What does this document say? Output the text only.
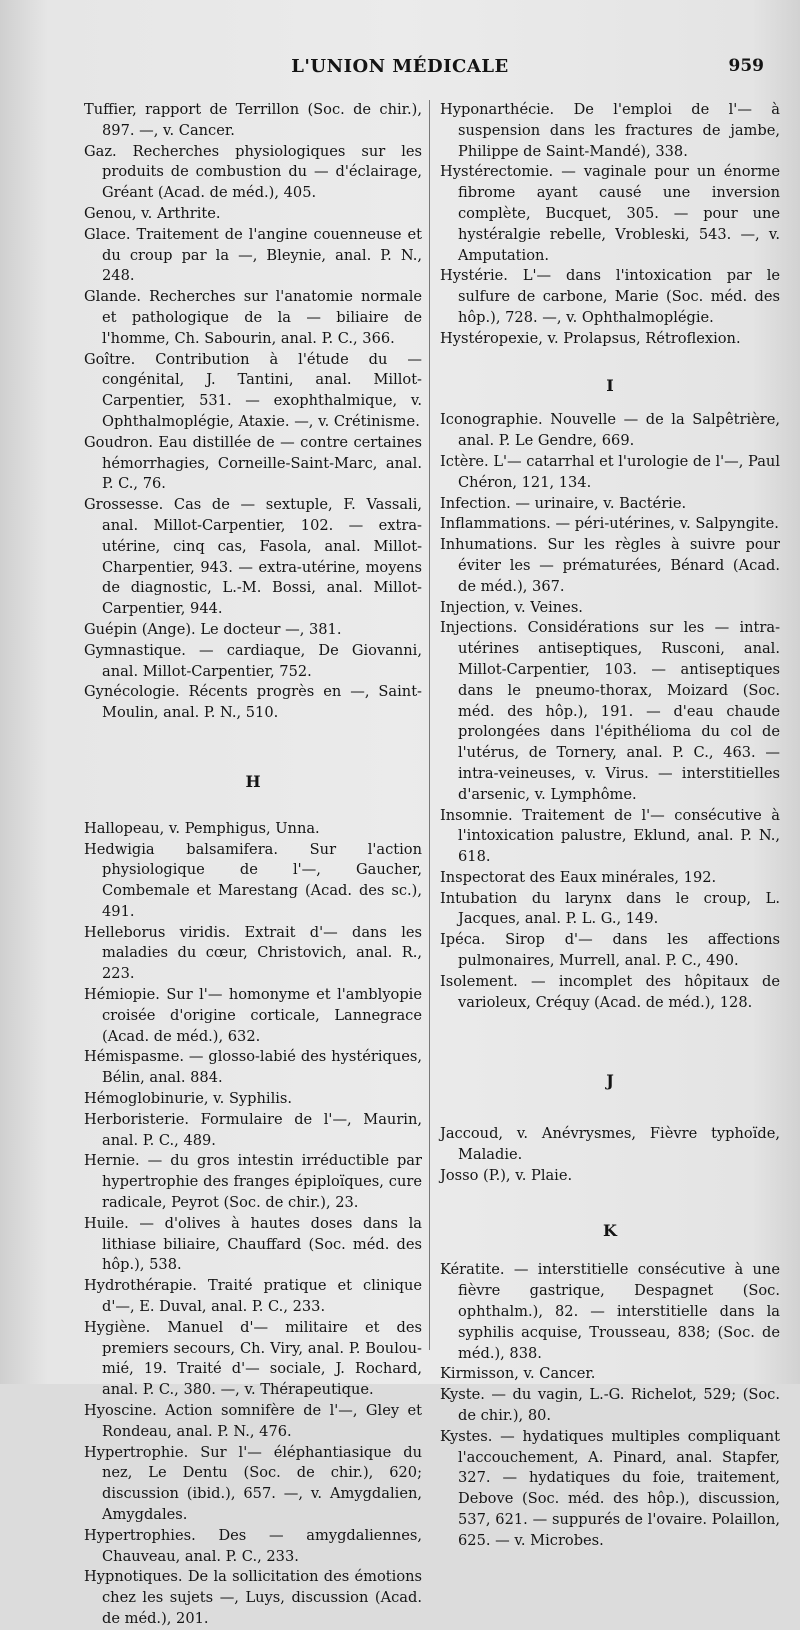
L'UNION MÉDICALE	959

Tuffier, rapport de Terrillon (Soc. de chir.), 897. —, v. Cancer.

Gaz. Recherches physiologiques sur les produits de combustion du — d'éclairage, Gréant (Acad. de méd.), 405.

Genou, v. Arthrite.

Glace. Traitement de l'angine couenneuse et du croup par la —, Bleynie, anal. P. N., 248.

Glande. Recherches sur l'anatomie normale et pathologique de la — biliaire de l'homme, Ch. Sabourin, anal. P. C., 366.

Goître. Contribution à l'étude du — congénital, J. Tantini, anal. Millot-Carpentier, 531. — exophthalmique, v. Ophthalmoplégie, Ataxie. —, v. Crétinisme.

Goudron. Eau distillée de — contre certaines hémorrhagies, Corneille-Saint-Marc, anal. P. C., 76.

Grossesse. Cas de — sextuple, F. Vassali, anal. Millot-Carpentier, 102. — extra-utérine, cinq cas, Fasola, anal. Millot-Charpentier, 943. — extra-utérine, moyens de diagnostic, L.-M. Bossi, anal. Millot-Carpentier, 944.

Guépin (Ange). Le docteur —, 381.

Gymnastique. — cardiaque, De Giovanni, anal. Millot-Carpentier, 752.

Gynécologie. Récents progrès en —, Saint-Moulin, anal. P. N., 510.

H

Hallopeau, v. Pemphigus, Unna.

Hedwigia balsamifera. Sur l'action physiologique de l'—, Gaucher, Combemale et Marestang (Acad. des sc.), 491.

Helleborus viridis. Extrait d'— dans les maladies du cœur, Christovich, anal. R., 223.

Hémiopie. Sur l'— homonyme et l'amblyopie croisée d'origine corticale, Lannegrace (Acad. de méd.), 632.

Hémispasme. — glosso-labié des hystériques, Bélin, anal. 884.

Hémoglobinurie, v. Syphilis.

Herboristerie. Formulaire de l'—, Maurin, anal. P. C., 489.

Hernie. — du gros intestin irréductible par hypertrophie des franges épiploïques, cure radicale, Peyrot (Soc. de chir.), 23.

Huile. — d'olives à hautes doses dans la lithiase biliaire, Chauffard (Soc. méd. des hôp.), 538.

Hydrothérapie. Traité pratique et clinique d'—, E. Duval, anal. P. C., 233.

Hygiène. Manuel d'— militaire et des premiers secours, Ch. Viry, anal. P. Boulou-mié, 19. Traité d'— sociale, J. Rochard, anal. P. C., 380. —, v. Thérapeutique.

Hyoscine. Action somnifère de l'—, Gley et Rondeau, anal. P. N., 476.

Hypertrophie. Sur l'— éléphantiasique du nez, Le Dentu (Soc. de chir.), 620; discussion (ibid.), 657. —, v. Amygdalien, Amygdales.

Hypertrophies. Des — amygdaliennes, Chauveau, anal. P. C., 233.

Hypnotiques. De la sollicitation des émotions chez les sujets —, Luys, discussion (Acad. de méd.), 201.

Hyponarthécie. De l'emploi de l'— à suspension dans les fractures de jambe, Philippe de Saint-Mandé), 338.

Hystérectomie. — vaginale pour un énorme fibrome ayant causé une inversion complète, Bucquet, 305. — pour une hystéralgie rebelle, Vrobleski, 543. —, v. Amputation.

Hystérie. L'— dans l'intoxication par le sulfure de carbone, Marie (Soc. méd. des hôp.), 728. —, v. Ophthalmoplégie.

Hystéropexie, v. Prolapsus, Rétroflexion.

I

Iconographie. Nouvelle — de la Salpêtrière, anal. P. Le Gendre, 669.

Ictère. L'— catarrhal et l'urologie de l'—, Paul Chéron, 121, 134.

Infection. — urinaire, v. Bactérie.

Inflammations. — péri-utérines, v. Salpyngite.

Inhumations. Sur les règles à suivre pour éviter les — prématurées, Bénard (Acad. de méd.), 367.

Injection, v. Veines.

Injections. Considérations sur les — intra-utérines antiseptiques, Rusconi, anal. Millot-Carpentier, 103. — antiseptiques dans le pneumo-thorax, Moizard (Soc. méd. des hôp.), 191. — d'eau chaude prolongées dans l'épithélioma du col de l'utérus, de Tornery, anal. P. C., 463. — intra-veineuses, v. Virus. — interstitielles d'arsenic, v. Lymphôme.

Insomnie. Traitement de l'— consécutive à l'intoxication palustre, Eklund, anal. P. N., 618.

Inspectorat des Eaux minérales, 192.

Intubation du larynx dans le croup, L. Jacques, anal. P. L. G., 149.

Ipéca. Sirop d'— dans les affections pulmonaires, Murrell, anal. P. C., 490.

Isolement. — incomplet des hôpitaux de varioleux, Créquy (Acad. de méd.), 128.

J

Jaccoud, v. Anévrysmes, Fièvre typhoïde, Maladie.

Josso (P.), v. Plaie.

K

Kératite. — interstitielle consécutive à une fièvre gastrique, Despagnet (Soc. ophthalm.), 82. — interstitielle dans la syphilis acquise, Trousseau, 838; (Soc. de méd.), 838.

Kirmisson, v. Cancer.

Kyste. — du vagin, L.-G. Richelot, 529; (Soc. de chir.), 80.

Kystes. — hydatiques multiples compliquant l'accouchement, A. Pinard, anal. Stapfer, 327. — hydatiques du foie, traitement, Debove (Soc. méd. des hôp.), discussion, 537, 621. — suppurés de l'ovaire. Polaillon, 625. — v. Microbes.
